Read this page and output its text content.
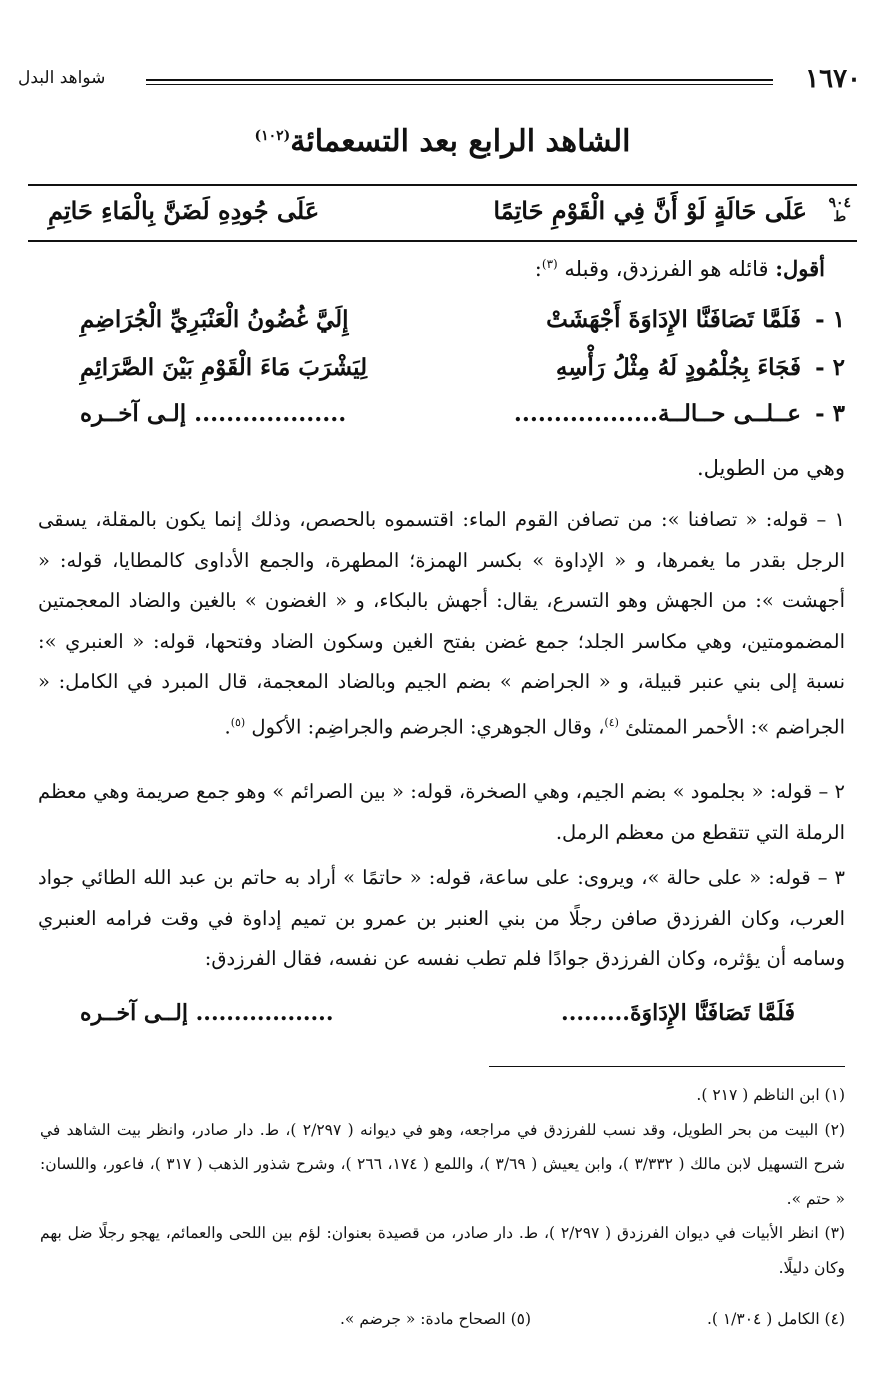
١٦٧٠
شواهد البدل
الشاهد الرابع بعد التسعمائة$^{(١٠٢)}$
٩٠٤
ط
عَلَى حَالَةٍ لَوْ أَنَّ فِي الْقَوْمِ حَاتِمًا
عَلَى جُودِهِ لَضَنَّ بِالْمَاءِ حَاتِمِ
أقول: قائله هو الفرزدق، وقبله $^{(٣)}$:
١ -
فَلَمَّا تَصَافَنَّا الإِدَاوَةَ أَجْهَشَتْ
إِلَيَّ غُضُونُ الْعَنْبَرِيِّ الْجُرَاضِمِ
٢ -
فَجَاءَ بِجُلْمُودٍ لَهُ مِثْلُ رَأْسِهِ
لِيَشْرَبَ مَاءَ الْقَوْمِ بَيْنَ الصَّرَائِمِ
٣ -
عــلــى حــالــة..................
................... إلـى آخــره
وهي من الطويل.
١ – قوله: « تصافنا »: من تصافن القوم الماء: اقتسموه بالحصص، وذلك إنما يكون بالمقلة، يسقى الرجل بقدر ما يغمرها، و « الإداوة » بكسر الهمزة؛ المطهرة، والجمع الأداوى كالمطايا، قوله: « أجهشت »: من الجهش وهو التسرع، يقال: أجهش بالبكاء، و « الغضون » بالغين والضاد المعجمتين المضمومتين، وهي مكاسر الجلد؛ جمع غضن بفتح الغين وسكون الضاد وفتحها، قوله: « العنبري »: نسبة إلى بني عنبر قبيلة، و « الجراضم » بضم الجيم وبالضاد المعجمة، قال المبرد في الكامل: « الجراضم »: الأحمر الممتلئ $^{(٤)}$، وقال الجوهري: الجرضم والجراضِم: الأكول $^{(٥)}$.
٢ – قوله: « بجلمود » بضم الجيم، وهي الصخرة، قوله: « بين الصرائم » وهو جمع صريمة وهي معظم الرملة التي تتقطع من معظم الرمل.
٣ – قوله: « على حالة »، ويروى: على ساعة، قوله: « حاتمًا » أراد به حاتم بن عبد الله الطائي جواد العرب، وكان الفرزدق صافن رجلًا من بني العنبر بن عمرو بن تميم إداوة في وقت فرامه العنبري وسامه أن يؤثره، وكان الفرزدق جوادًا فلم تطب نفسه عن نفسه، فقال الفرزدق:
فَلَمَّا تَصَافَنَّا الإِدَاوَةَ.........
.................. إلــى آخــره
(١) ابن الناظم ( ٢١٧ ).
(٢) البيت من بحر الطويل، وقد نسب للفرزدق في مراجعه، وهو في ديوانه ( ٢/٢٩٧ )، ط. دار صادر، وانظر بيت الشاهد في شرح التسهيل لابن مالك ( ٣/٣٣٢ )، وابن يعيش ( ٣/٦٩ )، واللمع ( ١٧٤، ٢٦٦ )، وشرح شذور الذهب ( ٣١٧ )، فاعور، واللسان: « حتم ».
(٣) انظر الأبيات في ديوان الفرزدق ( ٢/٢٩٧ )، ط. دار صادر، من قصيدة بعنوان: لؤم بين اللحى والعمائم، يهجو رجلًا ضل بهم وكان دليلًا.
(٤) الكامل ( ١/٣٠٤ ).
(٥) الصحاح مادة: « جرضم ».
